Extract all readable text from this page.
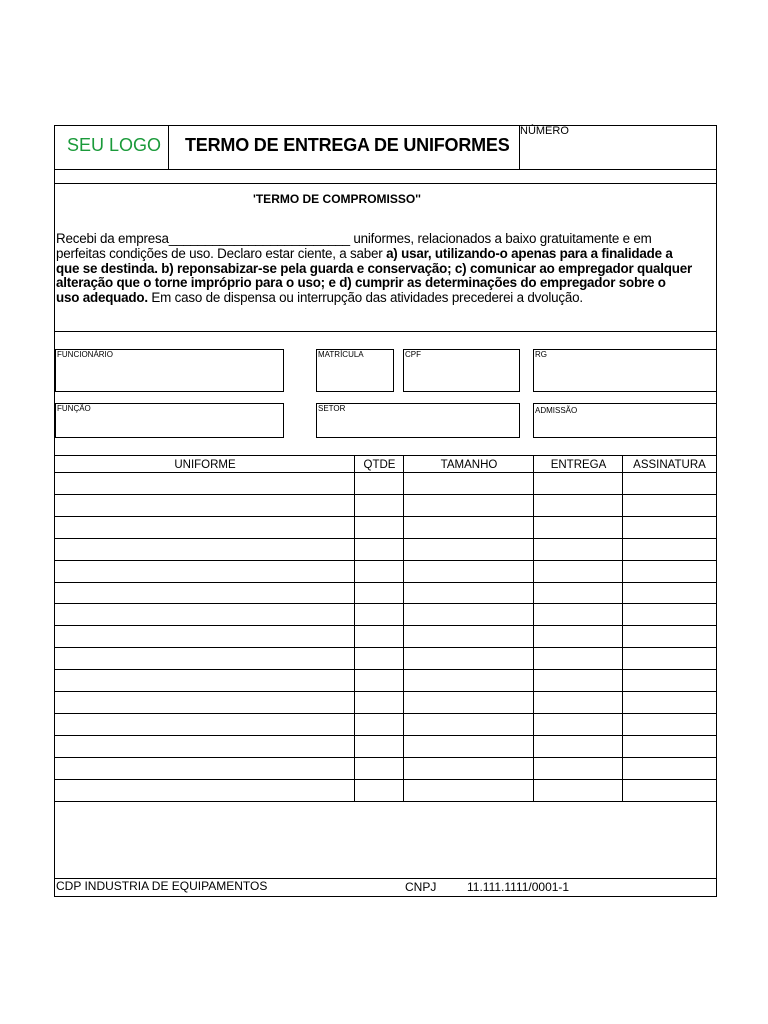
SEU LOGO TERMO DE ENTREGA DE UNIFORMES
NÚMERO
'TERMO DE COMPROMISSO''
Recebi da empresa_________________________ uniformes, relacionados a baixo gratuitamente e em
perfeitas condições de uso. Declaro estar ciente, a saber a) usar, utilizando-o apenas para a finalidade a
que se destinda. b) reponsabizar-se pela guarda e conservação; c) comunicar ao empregador qualquer
alteração que o torne impróprio para o uso; e d) cumprir as determinações do empregador sobre o
uso adequado. Em caso de dispensa ou interrupção das atividades precederei a dvolução.
FUNCIONÁRIO	MATRÍCULA	CPF	RG
FUNÇÃO	SETOR	ADMISSÃO
UNIFORME	QTDE	TAMANHO	ENTREGA	ASSINATURA
CDP INDUSTRIA DE EQUIPAMENTOS	CNPJ	11.111.1111/0001-1
